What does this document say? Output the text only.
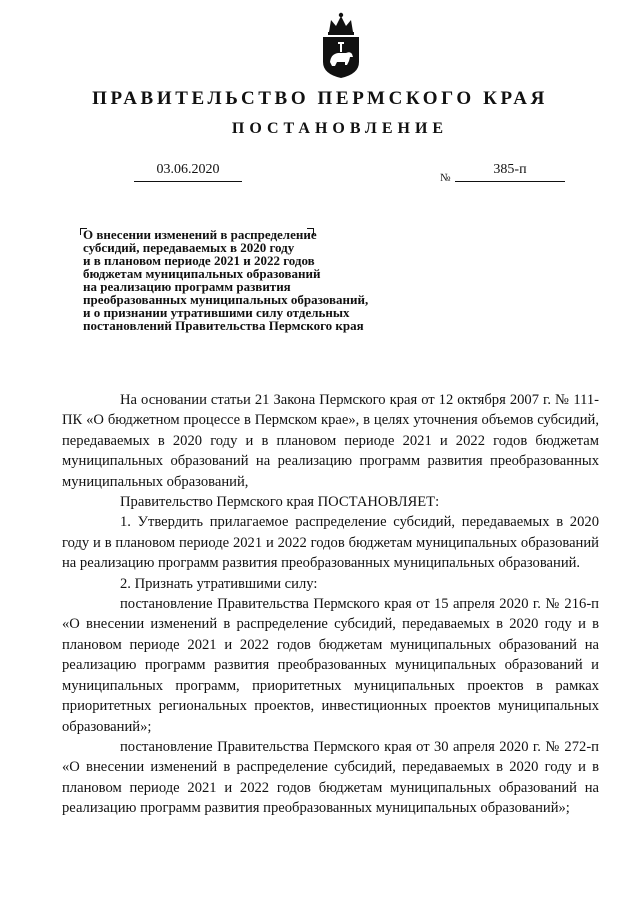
ПРАВИТЕЛЬСТВО ПЕРМСКОГО КРАЯ
ПОСТАНОВЛЕНИЕ
03.06.2020
№
385-п
О внесении изменений в распределение
субсидий, передаваемых в 2020 году
и в плановом периоде 2021 и 2022 годов
бюджетам муниципальных образований
на реализацию программ развития
преобразованных муниципальных образований,
и о признании утратившими силу отдельных
постановлений Правительства Пермского края

На основании статьи 21 Закона Пермского края от 12 октября 2007 г. № 111-ПК «О бюджетном процессе в Пермском крае», в целях уточнения объемов субсидий, передаваемых в 2020 году и в плановом периоде 2021 и 2022 годов бюджетам муниципальных образований на реализацию программ развития преобразованных муниципальных образований,

Правительство Пермского края ПОСТАНОВЛЯЕТ:

1. Утвердить прилагаемое распределение субсидий, передаваемых в 2020 году и в плановом периоде 2021 и 2022 годов бюджетам муниципальных образований на реализацию программ развития преобразованных муниципальных образований.

2. Признать утратившими силу:

постановление Правительства Пермского края от 15 апреля 2020 г. № 216-п «О внесении изменений в распределение субсидий, передаваемых в 2020 году и в плановом периоде 2021 и 2022 годов бюджетам муниципальных образований на реализацию программ развития преобразованных муниципальных образований и муниципальных программ, приоритетных муниципальных проектов в рамках приоритетных региональных проектов, инвестиционных проектов муниципальных образований»;

постановление Правительства Пермского края от 30 апреля 2020 г. № 272-п «О внесении изменений в распределение субсидий, передаваемых в 2020 году и в плановом периоде 2021 и 2022 годов бюджетам муниципальных образований на реализацию программ развития преобразованных муниципальных образований»;
